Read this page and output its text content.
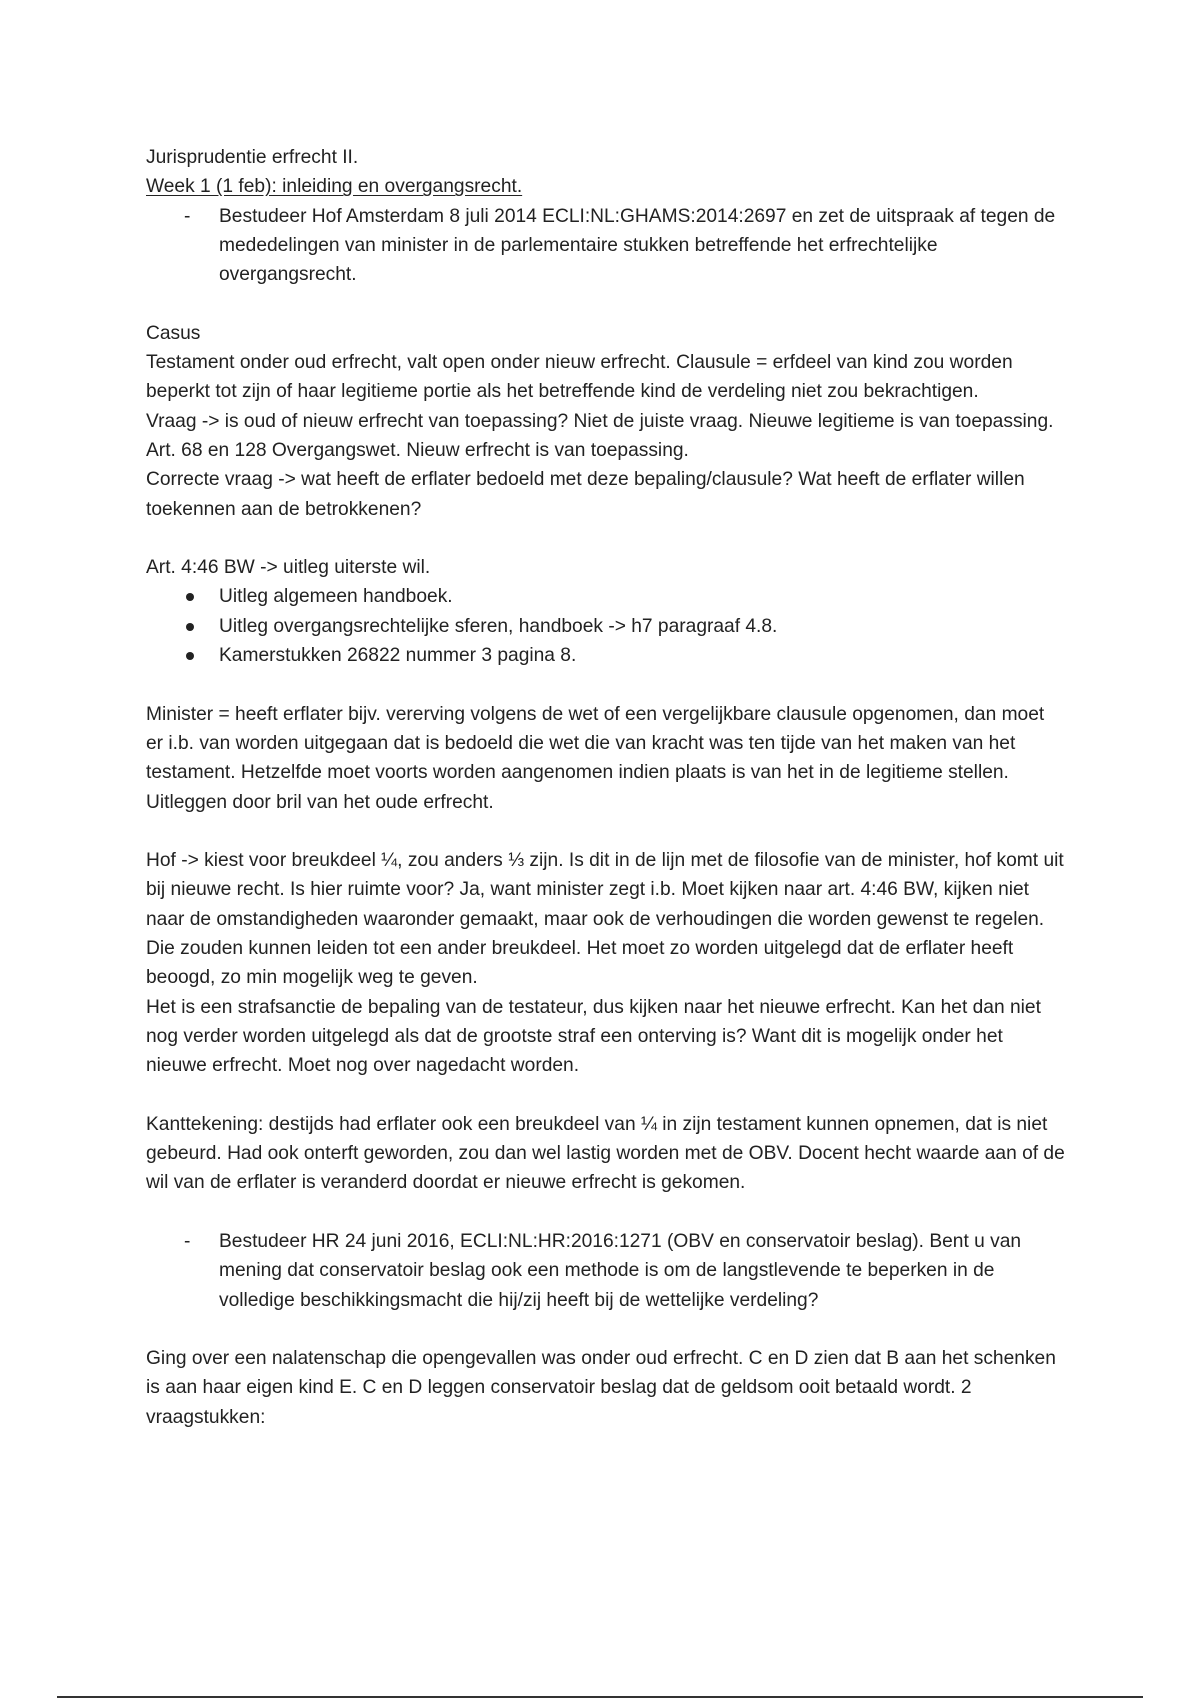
Jurisprudentie erfrecht II.

Week 1 (1 feb): inleiding en overgangsrecht.

-	Bestudeer Hof Amsterdam 8 juli 2014 ECLI:NL:GHAMS:2014:2697 en zet de uitspraak af tegen de mededelingen van minister in de parlementaire stukken betreffende het erfrechtelijke overgangsrecht.

Casus

Testament onder oud erfrecht, valt open onder nieuw erfrecht. Clausule = erfdeel van kind zou worden beperkt tot zijn of haar legitieme portie als het betreffende kind de verdeling niet zou bekrachtigen.

Vraag -> is oud of nieuw erfrecht van toepassing? Niet de juiste vraag. Nieuwe legitieme is van toepassing. Art. 68 en 128 Overgangswet. Nieuw erfrecht is van toepassing.

Correcte vraag -> wat heeft de erflater bedoeld met deze bepaling/clausule? Wat heeft de erflater willen toekennen aan de betrokkenen?

Art. 4:46 BW -> uitleg uiterste wil.

Uitleg algemeen handboek.

Uitleg overgangsrechtelijke sferen, handboek -> h7 paragraaf 4.8.

Kamerstukken 26822 nummer 3 pagina 8.

Minister = heeft erflater bijv. vererving volgens de wet of een vergelijkbare clausule opgenomen, dan moet er i.b. van worden uitgegaan dat is bedoeld die wet die van kracht was ten tijde van het maken van het testament. Hetzelfde moet voorts worden aangenomen indien plaats is van het in de legitieme stellen. Uitleggen door bril van het oude erfrecht.

Hof -> kiest voor breukdeel ¼, zou anders ⅓ zijn. Is dit in de lijn met de filosofie van de minister, hof komt uit bij nieuwe recht. Is hier ruimte voor? Ja, want minister zegt i.b. Moet kijken naar art. 4:46 BW, kijken niet naar de omstandigheden waaronder gemaakt, maar ook de verhoudingen die worden gewenst te regelen. Die zouden kunnen leiden tot een ander breukdeel. Het moet zo worden uitgelegd dat de erflater heeft beoogd, zo min mogelijk weg te geven.

Het is een strafsanctie de bepaling van de testateur, dus kijken naar het nieuwe erfrecht. Kan het dan niet nog verder worden uitgelegd als dat de grootste straf een onterving is? Want dit is mogelijk onder het nieuwe erfrecht. Moet nog over nagedacht worden.

Kanttekening: destijds had erflater ook een breukdeel van ¼ in zijn testament kunnen opnemen, dat is niet gebeurd. Had ook onterft geworden, zou dan wel lastig worden met de OBV. Docent hecht waarde aan of de wil van de erflater is veranderd doordat er nieuwe erfrecht is gekomen.

-	Bestudeer HR 24 juni 2016, ECLI:NL:HR:2016:1271 (OBV en conservatoir beslag). Bent u van mening dat conservatoir beslag ook een methode is om de langstlevende te beperken in de volledige beschikkingsmacht die hij/zij heeft bij de wettelijke verdeling?

Ging over een nalatenschap die opengevallen was onder oud erfrecht. C en D zien dat B aan het schenken is aan haar eigen kind E. C en D leggen conservatoir beslag dat de geldsom ooit betaald wordt. 2 vraagstukken:
